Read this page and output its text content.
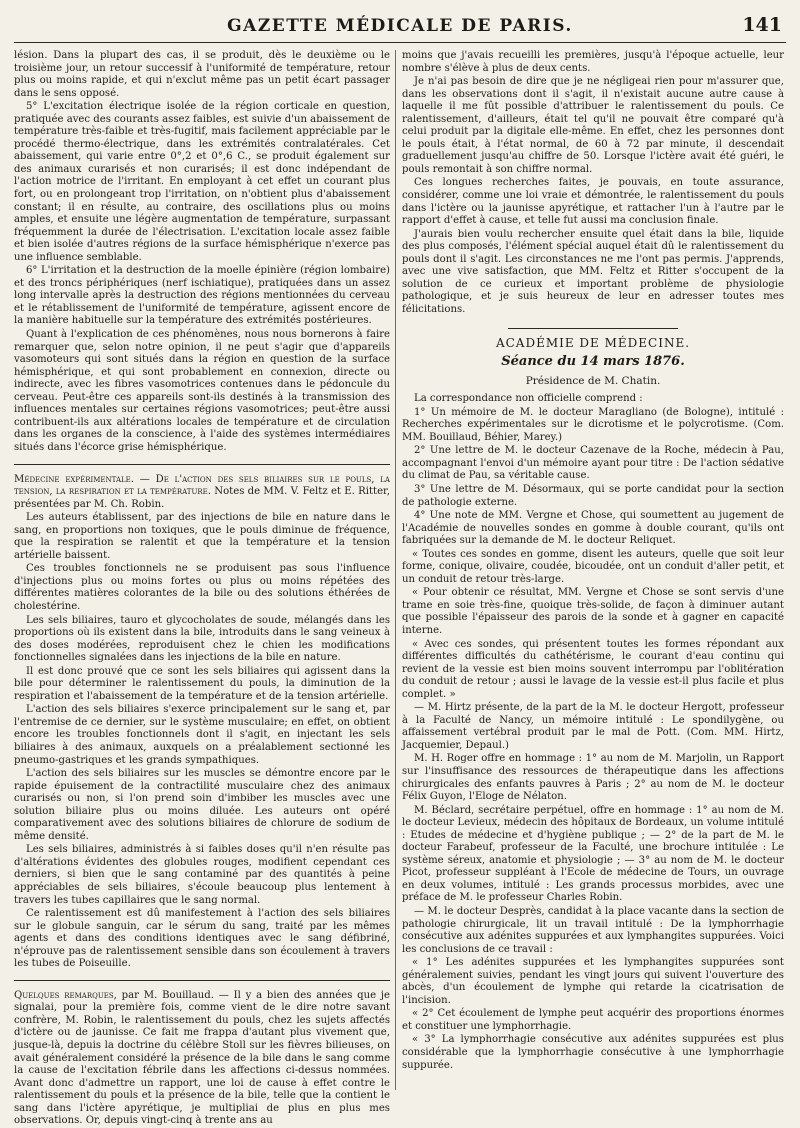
GAZETTE MÉDICALE DE PARIS.	141

lésion. Dans la plupart des cas, il se produit, dès le deuxième ou le troisième jour, un retour successif à l'uniformité de température, retour plus ou moins rapide, et qui n'exclut même pas un petit écart passager dans le sens opposé.

5° L'excitation électrique isolée de la région corticale en question, pratiquée avec des courants assez faibles, est suivie d'un abaissement de température très-faible et très-fugitif, mais facilement appréciable par le procédé thermo-électrique, dans les extrémités contralatérales. Cet abaissement, qui varie entre 0°,2 et 0°,6 C., se produit également sur des animaux curarisés et non curarisés; il est donc indépendant de l'action motrice de l'irritant. En employant à cet effet un courant plus fort, ou en prolongeant trop l'irritation, on n'obtient plus d'abaissement constant; il en résulte, au contraire, des oscillations plus ou moins amples, et ensuite une légère augmentation de température, surpassant fréquemment la durée de l'électrisation. L'excitation locale assez faible et bien isolée d'autres régions de la surface hémisphérique n'exerce pas une influence semblable.

6° L'irritation et la destruction de la moelle épinière (région lombaire) et des troncs périphériques (nerf ischiatique), pratiquées dans un assez long intervalle après la destruction des régions mentionnées du cerveau et le rétablissement de l'uniformité de température, agissent encore de la manière habituelle sur la température des extrémités postérieures.

Quant à l'explication de ces phénomènes, nous nous bornerons à faire remarquer que, selon notre opinion, il ne peut s'agir que d'appareils vasomoteurs qui sont situés dans la région en question de la surface hémisphérique, et qui sont probablement en connexion, directe ou indirecte, avec les fibres vasomotrices contenues dans le pédoncule du cerveau. Peut-être ces appareils sont-ils destinés à la transmission des influences mentales sur certaines régions vasomotrices; peut-être aussi contribuent-ils aux altérations locales de température et de circulation dans les organes de la conscience, à l'aide des systèmes intermédiaires situés dans l'écorce grise hémisphérique.

Médecine expérimentale. — De l'action des sels biliaires sur le pouls, la tension, la respiration et la température. Notes de MM. V. Feltz et E. Ritter, présentées par M. Ch. Robin.

Les auteurs établissent, par des injections de bile en nature dans le sang, en proportions non toxiques, que le pouls diminue de fréquence, que la respiration se ralentit et que la température et la tension artérielle baissent.

Ces troubles fonctionnels ne se produisent pas sous l'influence d'injections plus ou moins fortes ou plus ou moins répétées des différentes matières colorantes de la bile ou des solutions éthérées de cholestérine.

Les sels biliaires, tauro et glycocholates de soude, mélangés dans les proportions où ils existent dans la bile, introduits dans le sang veineux à des doses modérées, reproduisent chez le chien les modifications fonctionnelles signalées dans les injections de la bile en nature.

Il est donc prouvé que ce sont les sels biliaires qui agissent dans la bile pour déterminer le ralentissement du pouls, la diminution de la respiration et l'abaissement de la température et de la tension artérielle.

L'action des sels biliaires s'exerce principalement sur le sang et, par l'entremise de ce dernier, sur le système musculaire; en effet, on obtient encore les troubles fonctionnels dont il s'agit, en injectant les sels biliaires à des animaux, auxquels on a préalablement sectionné les pneumo-gastriques et les grands sympathiques.

L'action des sels biliaires sur les muscles se démontre encore par le rapide épuisement de la contractilité musculaire chez des animaux curarisés ou non, si l'on prend soin d'imbiber les muscles avec une solution biliaire plus ou moins diluée. Les auteurs ont opéré comparativement avec des solutions biliaires de chlorure de sodium de même densité.

Les sels biliaires, administrés à si faibles doses qu'il n'en résulte pas d'altérations évidentes des globules rouges, modifient cependant ces derniers, si bien que le sang contaminé par des quantités à peine appréciables de sels biliaires, s'écoule beaucoup plus lentement à travers les tubes capillaires que le sang normal.

Ce ralentissement est dû manifestement à l'action des sels biliaires sur le globule sanguin, car le sérum du sang, traité par les mêmes agents et dans des conditions identiques avec le sang défibriné, n'éprouve pas de ralentissement sensible dans son écoulement à travers les tubes de Poiseuille.

Quelques remarques, par M. Bouillaud. — Il y a bien des années que je signalai, pour la première fois, comme vient de le dire notre savant confrère, M. Robin, le ralentissement du pouls, chez les sujets affectés d'ictère ou de jaunisse. Ce fait me frappa d'autant plus vivement que, jusque-là, depuis la doctrine du célèbre Stoll sur les fièvres bilieuses, on avait généralement considéré la présence de la bile dans le sang comme la cause de l'excitation fébrile dans les affections ci-dessus nommées. Avant donc d'admettre un rapport, une loi de cause à effet contre le ralentissement du pouls et la présence de la bile, telle que la contient le sang dans l'ictère apyrétique, je multipliai de plus en plus mes observations. Or, depuis vingt-cinq à trente ans au

moins que j'avais recueilli les premières, jusqu'à l'époque actuelle, leur nombre s'élève à plus de deux cents.

Je n'ai pas besoin de dire que je ne négligeai rien pour m'assurer que, dans les observations dont il s'agit, il n'existait aucune autre cause à laquelle il me fût possible d'attribuer le ralentissement du pouls. Ce ralentissement, d'ailleurs, était tel qu'il ne pouvait être comparé qu'à celui produit par la digitale elle-même. En effet, chez les personnes dont le pouls était, à l'état normal, de 60 à 72 par minute, il descendait graduellement jusqu'au chiffre de 50. Lorsque l'ictère avait été guéri, le pouls remontait à son chiffre normal.

Ces longues recherches faites, je pouvais, en toute assurance, considérer, comme une loi vraie et démontrée, le ralentissement du pouls dans l'ictère ou la jaunisse apyrétique, et rattacher l'un à l'autre par le rapport d'effet à cause, et telle fut aussi ma conclusion finale.

J'aurais bien voulu rechercher ensuite quel était dans la bile, liquide des plus composés, l'élément spécial auquel était dû le ralentissement du pouls dont il s'agit. Les circonstances ne me l'ont pas permis. J'apprends, avec une vive satisfaction, que MM. Feltz et Ritter s'occupent de la solution de ce curieux et important problème de physiologie pathologique, et je suis heureux de leur en adresser toutes mes félicitations.

ACADÉMIE DE MÉDECINE.
Séance du 14 mars 1876.
Présidence de M. Chatin.

La correspondance non officielle comprend :

1° Un mémoire de M. le docteur Maragliano (de Bologne), intitulé : Recherches expérimentales sur le dicrotisme et le polycrotisme. (Com. MM. Bouillaud, Béhier, Marey.)

2° Une lettre de M. le docteur Cazenave de la Roche, médecin à Pau, accompagnant l'envoi d'un mémoire ayant pour titre : De l'action sédative du climat de Pau, sa véritable cause.

3° Une lettre de M. Désormaux, qui se porte candidat pour la section de pathologie externe.

4° Une note de MM. Vergne et Chose, qui soumettent au jugement de l'Académie de nouvelles sondes en gomme à double courant, qu'ils ont fabriquées sur la demande de M. le docteur Reliquet.

« Toutes ces sondes en gomme, disent les auteurs, quelle que soit leur forme, conique, olivaire, coudée, bicoudée, ont un conduit d'aller petit, et un conduit de retour très-large.

« Pour obtenir ce résultat, MM. Vergne et Chose se sont servis d'une trame en soie très-fine, quoique très-solide, de façon à diminuer autant que possible l'épaisseur des parois de la sonde et à gagner en capacité interne.

« Avec ces sondes, qui présentent toutes les formes répondant aux différentes difficultés du cathétérisme, le courant d'eau continu qui revient de la vessie est bien moins souvent interrompu par l'oblitération du conduit de retour ; aussi le lavage de la vessie est-il plus facile et plus complet. »

— M. Hirtz présente, de la part de la M. le docteur Hergott, professeur à la Faculté de Nancy, un mémoire intitulé : Le spondilygène, ou affaissement vertébral produit par le mal de Pott. (Com. MM. Hirtz, Jacquemier, Depaul.)

M. H. Roger offre en hommage : 1° au nom de M. Marjolin, un Rapport sur l'insuffisance des ressources de thérapeutique dans les affections chirurgicales des enfants pauvres à Paris ; 2° au nom de M. le docteur Félix Guyon, l'Eloge de Nélaton.

M. Béclard, secrétaire perpétuel, offre en hommage : 1° au nom de M. le docteur Levieux, médecin des hôpitaux de Bordeaux, un volume intitulé : Etudes de médecine et d'hygiène publique ; — 2° de la part de M. le docteur Farabeuf, professeur de la Faculté, une brochure intitulée : Le système séreux, anatomie et physiologie ; — 3° au nom de M. le docteur Picot, professeur suppléant à l'Ecole de médecine de Tours, un ouvrage en deux volumes, intitulé : Les grands processus morbides, avec une préface de M. le professeur Charles Robin.

— M. le docteur Desprès, candidat à la place vacante dans la section de pathologie chirurgicale, lit un travail intitulé : De la lymphorrhagie consécutive aux adénites suppurées et aux lymphangites suppurées. Voici les conclusions de ce travail :

« 1° Les adénites suppurées et les lymphangites suppurées sont généralement suivies, pendant les vingt jours qui suivent l'ouverture des abcès, d'un écoulement de lymphe qui retarde la cicatrisation de l'incision.

« 2° Cet écoulement de lymphe peut acquérir des proportions énormes et constituer une lymphorrhagie.

« 3° La lymphorrhagie consécutive aux adénites suppurées est plus considérable que la lymphorrhagie consécutive à une lymphorrhagie suppurée.
